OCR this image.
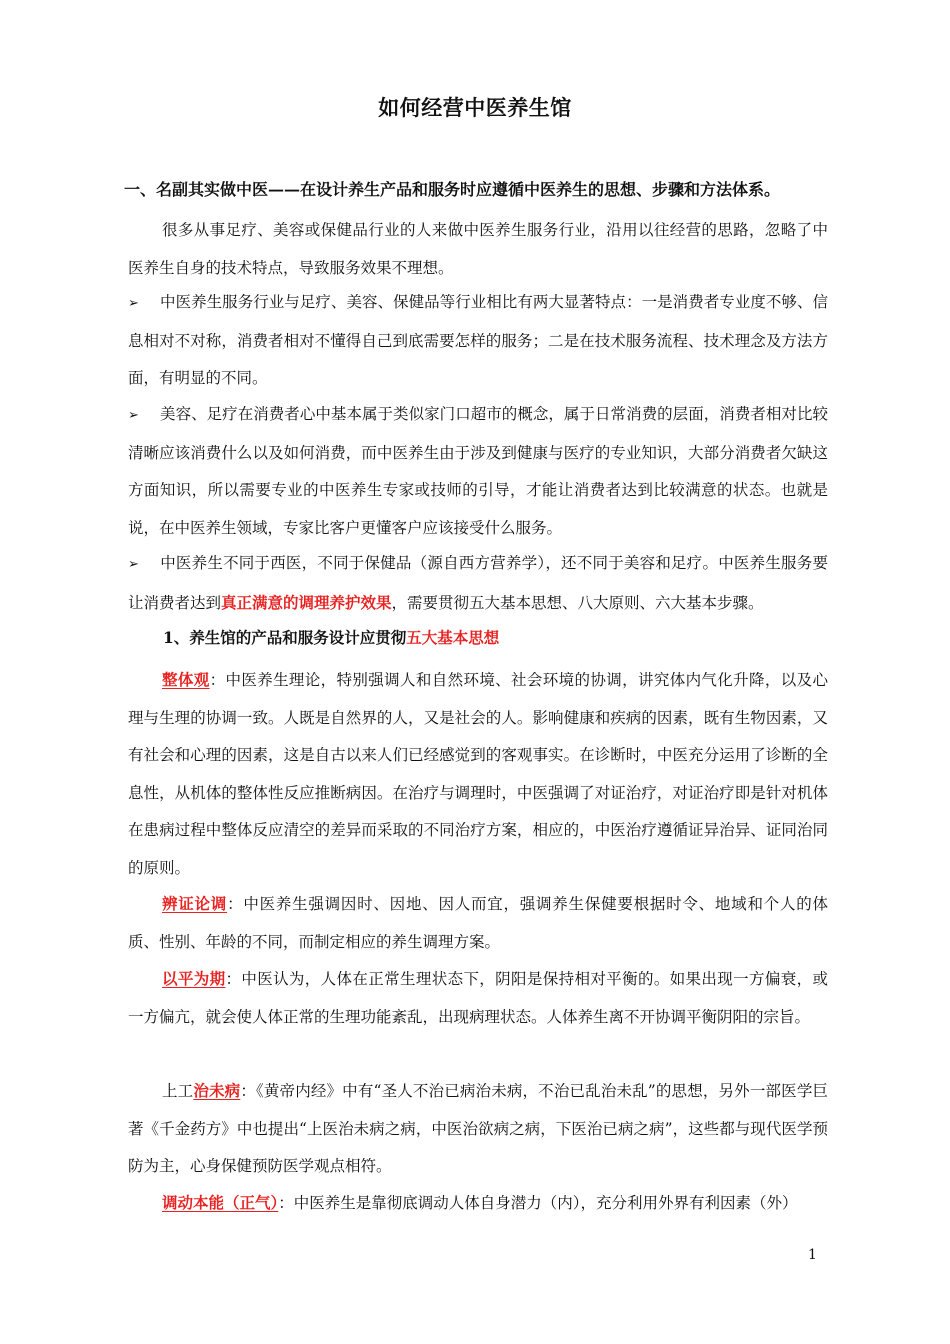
如何经营中医养生馆
一、名副其实做中医——在设计养生产品和服务时应遵循中医养生的思想、步骤和方法体系。

很多从事足疗、美容或保健品行业的人来做中医养生服务行业，沿用以往经营的思路，忽略了中医养生自身的技术特点，导致服务效果不理想。

➢ 中医养生服务行业与足疗、美容、保健品等行业相比有两大显著特点：一是消费者专业度不够、信息相对不对称，消费者相对不懂得自己到底需要怎样的服务；二是在技术服务流程、技术理念及方法方面，有明显的不同。

➢ 美容、足疗在消费者心中基本属于类似家门口超市的概念，属于日常消费的层面，消费者相对比较清晰应该消费什么以及如何消费，而中医养生由于涉及到健康与医疗的专业知识，大部分消费者欠缺这方面知识，所以需要专业的中医养生专家或技师的引导，才能让消费者达到比较满意的状态。也就是说，在中医养生领域，专家比客户更懂客户应该接受什么服务。

➢ 中医养生不同于西医，不同于保健品（源自西方营养学），还不同于美容和足疗。中医养生服务要让消费者达到真正满意的调理养护效果，需要贯彻五大基本思想、八大原则、六大基本步骤。

1、养生馆的产品和服务设计应贯彻五大基本思想

整体观：中医养生理论，特别强调人和自然环境、社会环境的协调，讲究体内气化升降，以及心理与生理的协调一致。人既是自然界的人，又是社会的人。影响健康和疾病的因素，既有生物因素，又有社会和心理的因素，这是自古以来人们已经感觉到的客观事实。在诊断时，中医充分运用了诊断的全息性，从机体的整体性反应推断病因。在治疗与调理时，中医强调了对证治疗，对证治疗即是针对机体在患病过程中整体反应清空的差异而采取的不同治疗方案，相应的，中医治疗遵循证异治异、证同治同的原则。

辨证论调：中医养生强调因时、因地、因人而宜，强调养生保健要根据时令、地域和个人的体质、性别、年龄的不同，而制定相应的养生调理方案。

以平为期：中医认为，人体在正常生理状态下，阴阳是保持相对平衡的。如果出现一方偏衰，或一方偏亢，就会使人体正常的生理功能紊乱，出现病理状态。人体养生离不开协调平衡阴阳的宗旨。

上工治未病：《黄帝内经》中有“圣人不治已病治未病，不治已乱治未乱”的思想，另外一部医学巨著《千金药方》中也提出“上医治未病之病，中医治欲病之病，下医治已病之病”，这些都与现代医学预防为主，心身保健预防医学观点相符。

调动本能（正气）：中医养生是靠彻底调动人体自身潜力（内），充分利用外界有利因素（外）

1
